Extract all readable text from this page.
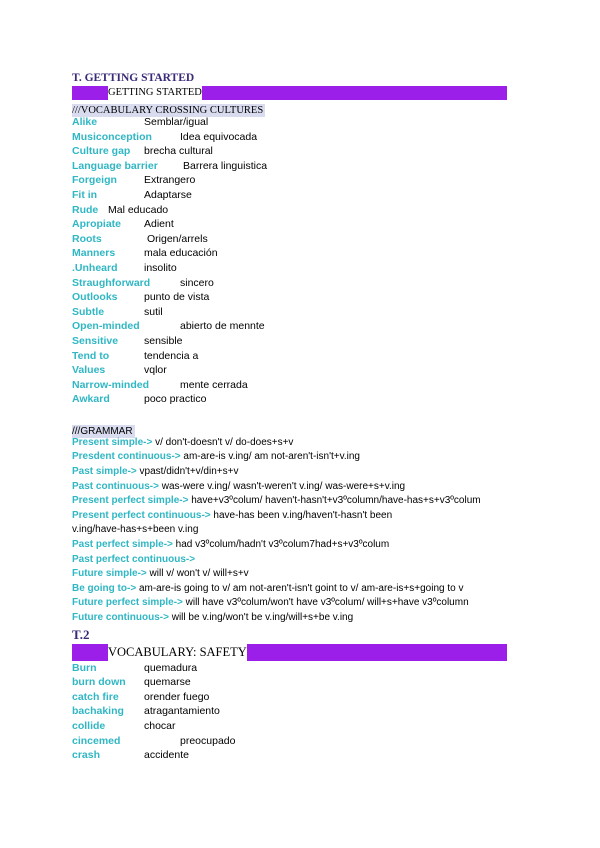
T. GETTING STARTED
GETTING STARTED
///VOCABULARY CROSSING CULTURES
Alike	Semblar/igual
Musiconception	Idea equivocada
Culture gap brecha cultural
Language barrier Barrera linguistica
Forgeign	Extrangero
Fit in	Adaptarse
Rude Mal educado
Apropiate Adient
Roots	Origen/arrels
Manners	mala educación
.Unheard	insolito
Straughforward	sincero
Outlooks	punto de vista
Subtle	sutil
Open-minded	abierto de mennte
Sensitive sensible
Tend to	tendencia a
Values	vqlor
Narrow-minded	mente cerrada
Awkard	poco practico
///GRAMMAR
Present simple-> v/ don't-doesn't v/ do-does+s+v
Presdent continuous-> am-are-is v.ing/ am not-aren't-isn't+v.ing
Past simple-> vpast/didn't+v/din+s+v
Past continuous-> was-were v.ing/ wasn't-weren't v.ing/ was-were+s+v.ing
Present perfect simple-> have+v3ºcolum/ haven't-hasn't+v3ºcolumn/have-has+s+v3ºcolum
Present perfect continuous-> have-has been v.ing/haven't-hasn't been
v.ing/have-has+s+been v.ing
Past perfect simple-> had v3ºcolum/hadn't v3ºcolum7had+s+v3ºcolum
Past perfect continuous->
Future simple-> will v/ won't v/ will+s+v
Be going to-> am-are-is going to v/ am not-aren't-isn't goint to v/ am-are-is+s+going to v
Future perfect simple-> will have v3ºcolum/won't have v3ºcolum/ will+s+have v3ºcolumn
Future continuous-> will be v.ing/won't be v.ing/will+s+be v.ing
T.2
VOCABULARY: SAFETY
Burn	quemadura
burn down quemarse
catch fire orender fuego
bachaking atragantamiento
collide	chocar
cincemed	preocupado
crash	accidente
